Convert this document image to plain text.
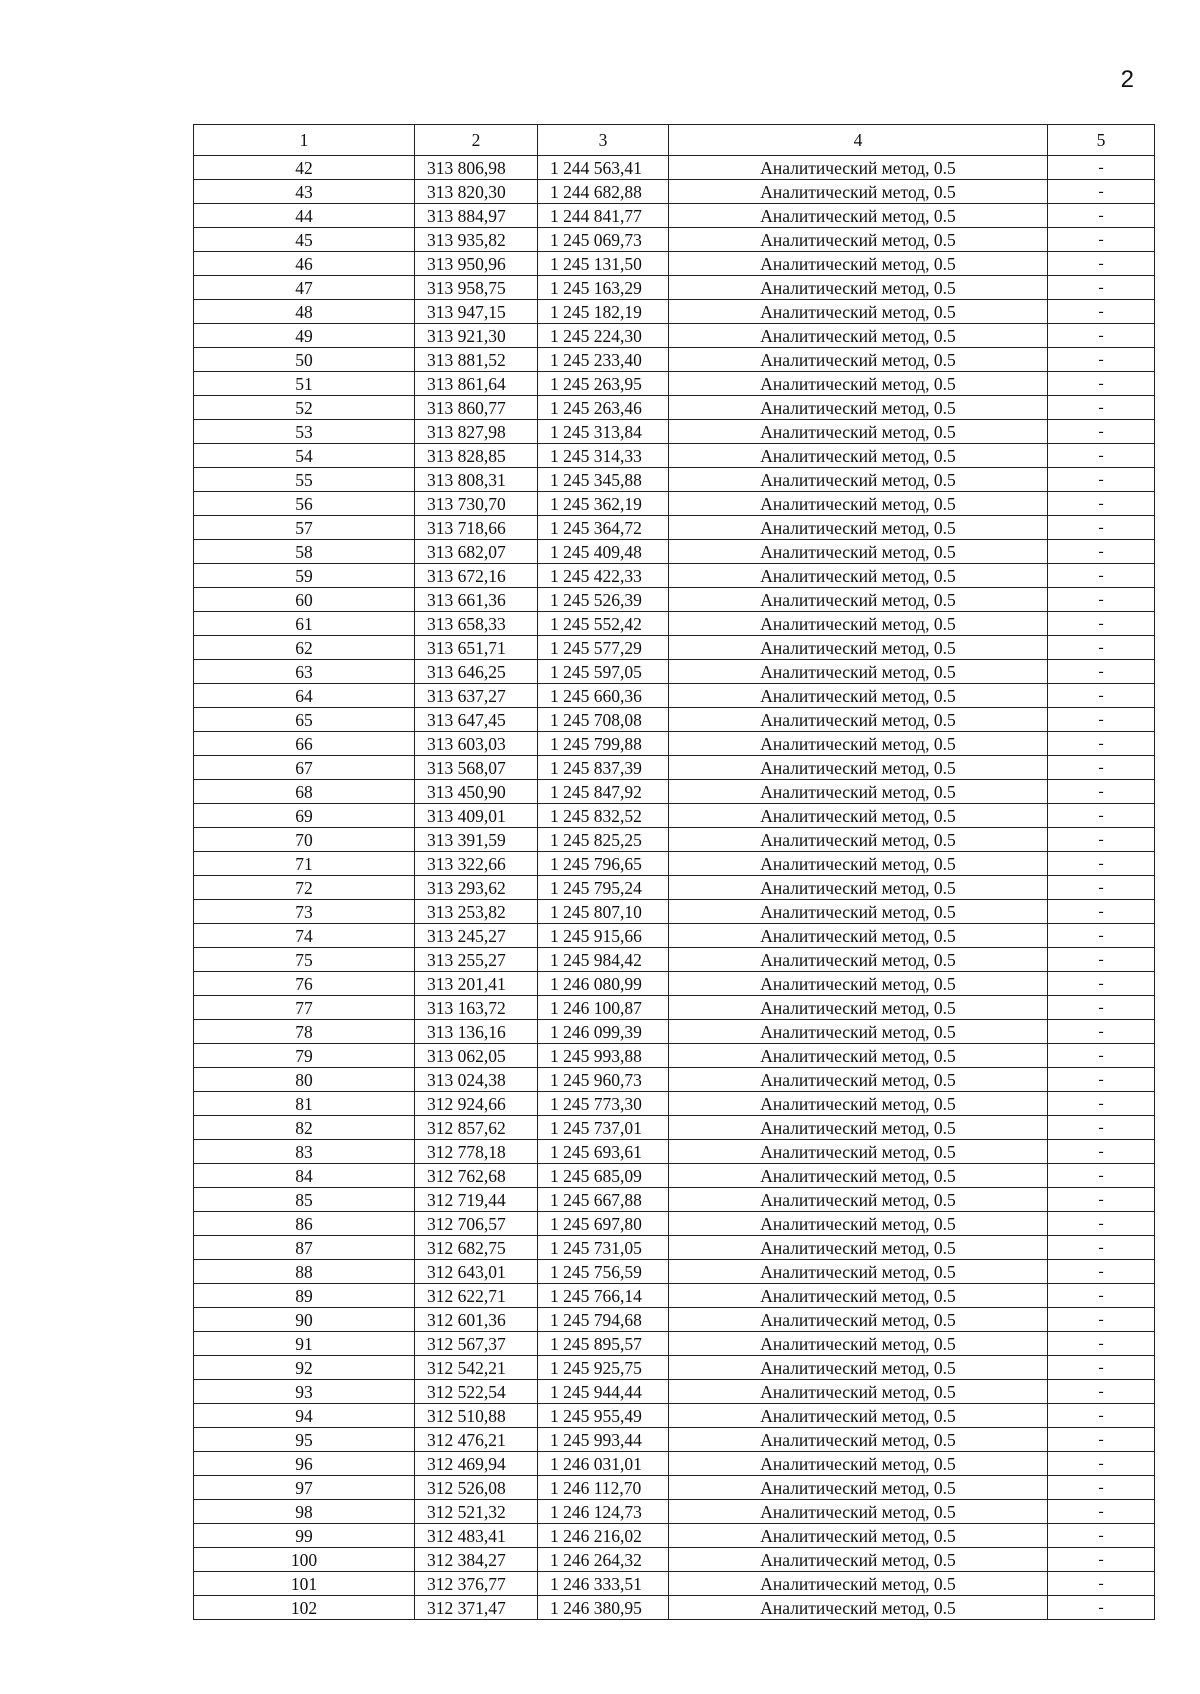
2
1	2	3	4	5
42	313 806,98	1 244 563,41	Аналитический метод, 0.5	-
43	313 820,30	1 244 682,88	Аналитический метод, 0.5	-
44	313 884,97	1 244 841,77	Аналитический метод, 0.5	-
45	313 935,82	1 245 069,73	Аналитический метод, 0.5	-
46	313 950,96	1 245 131,50	Аналитический метод, 0.5	-
47	313 958,75	1 245 163,29	Аналитический метод, 0.5	-
48	313 947,15	1 245 182,19	Аналитический метод, 0.5	-
49	313 921,30	1 245 224,30	Аналитический метод, 0.5	-
50	313 881,52	1 245 233,40	Аналитический метод, 0.5	-
51	313 861,64	1 245 263,95	Аналитический метод, 0.5	-
52	313 860,77	1 245 263,46	Аналитический метод, 0.5	-
53	313 827,98	1 245 313,84	Аналитический метод, 0.5	-
54	313 828,85	1 245 314,33	Аналитический метод, 0.5	-
55	313 808,31	1 245 345,88	Аналитический метод, 0.5	-
56	313 730,70	1 245 362,19	Аналитический метод, 0.5	-
57	313 718,66	1 245 364,72	Аналитический метод, 0.5	-
58	313 682,07	1 245 409,48	Аналитический метод, 0.5	-
59	313 672,16	1 245 422,33	Аналитический метод, 0.5	-
60	313 661,36	1 245 526,39	Аналитический метод, 0.5	-
61	313 658,33	1 245 552,42	Аналитический метод, 0.5	-
62	313 651,71	1 245 577,29	Аналитический метод, 0.5	-
63	313 646,25	1 245 597,05	Аналитический метод, 0.5	-
64	313 637,27	1 245 660,36	Аналитический метод, 0.5	-
65	313 647,45	1 245 708,08	Аналитический метод, 0.5	-
66	313 603,03	1 245 799,88	Аналитический метод, 0.5	-
67	313 568,07	1 245 837,39	Аналитический метод, 0.5	-
68	313 450,90	1 245 847,92	Аналитический метод, 0.5	-
69	313 409,01	1 245 832,52	Аналитический метод, 0.5	-
70	313 391,59	1 245 825,25	Аналитический метод, 0.5	-
71	313 322,66	1 245 796,65	Аналитический метод, 0.5	-
72	313 293,62	1 245 795,24	Аналитический метод, 0.5	-
73	313 253,82	1 245 807,10	Аналитический метод, 0.5	-
74	313 245,27	1 245 915,66	Аналитический метод, 0.5	-
75	313 255,27	1 245 984,42	Аналитический метод, 0.5	-
76	313 201,41	1 246 080,99	Аналитический метод, 0.5	-
77	313 163,72	1 246 100,87	Аналитический метод, 0.5	-
78	313 136,16	1 246 099,39	Аналитический метод, 0.5	-
79	313 062,05	1 245 993,88	Аналитический метод, 0.5	-
80	313 024,38	1 245 960,73	Аналитический метод, 0.5	-
81	312 924,66	1 245 773,30	Аналитический метод, 0.5	-
82	312 857,62	1 245 737,01	Аналитический метод, 0.5	-
83	312 778,18	1 245 693,61	Аналитический метод, 0.5	-
84	312 762,68	1 245 685,09	Аналитический метод, 0.5	-
85	312 719,44	1 245 667,88	Аналитический метод, 0.5	-
86	312 706,57	1 245 697,80	Аналитический метод, 0.5	-
87	312 682,75	1 245 731,05	Аналитический метод, 0.5	-
88	312 643,01	1 245 756,59	Аналитический метод, 0.5	-
89	312 622,71	1 245 766,14	Аналитический метод, 0.5	-
90	312 601,36	1 245 794,68	Аналитический метод, 0.5	-
91	312 567,37	1 245 895,57	Аналитический метод, 0.5	-
92	312 542,21	1 245 925,75	Аналитический метод, 0.5	-
93	312 522,54	1 245 944,44	Аналитический метод, 0.5	-
94	312 510,88	1 245 955,49	Аналитический метод, 0.5	-
95	312 476,21	1 245 993,44	Аналитический метод, 0.5	-
96	312 469,94	1 246 031,01	Аналитический метод, 0.5	-
97	312 526,08	1 246 112,70	Аналитический метод, 0.5	-
98	312 521,32	1 246 124,73	Аналитический метод, 0.5	-
99	312 483,41	1 246 216,02	Аналитический метод, 0.5	-
100	312 384,27	1 246 264,32	Аналитический метод, 0.5	-
101	312 376,77	1 246 333,51	Аналитический метод, 0.5	-
102	312 371,47	1 246 380,95	Аналитический метод, 0.5	-
